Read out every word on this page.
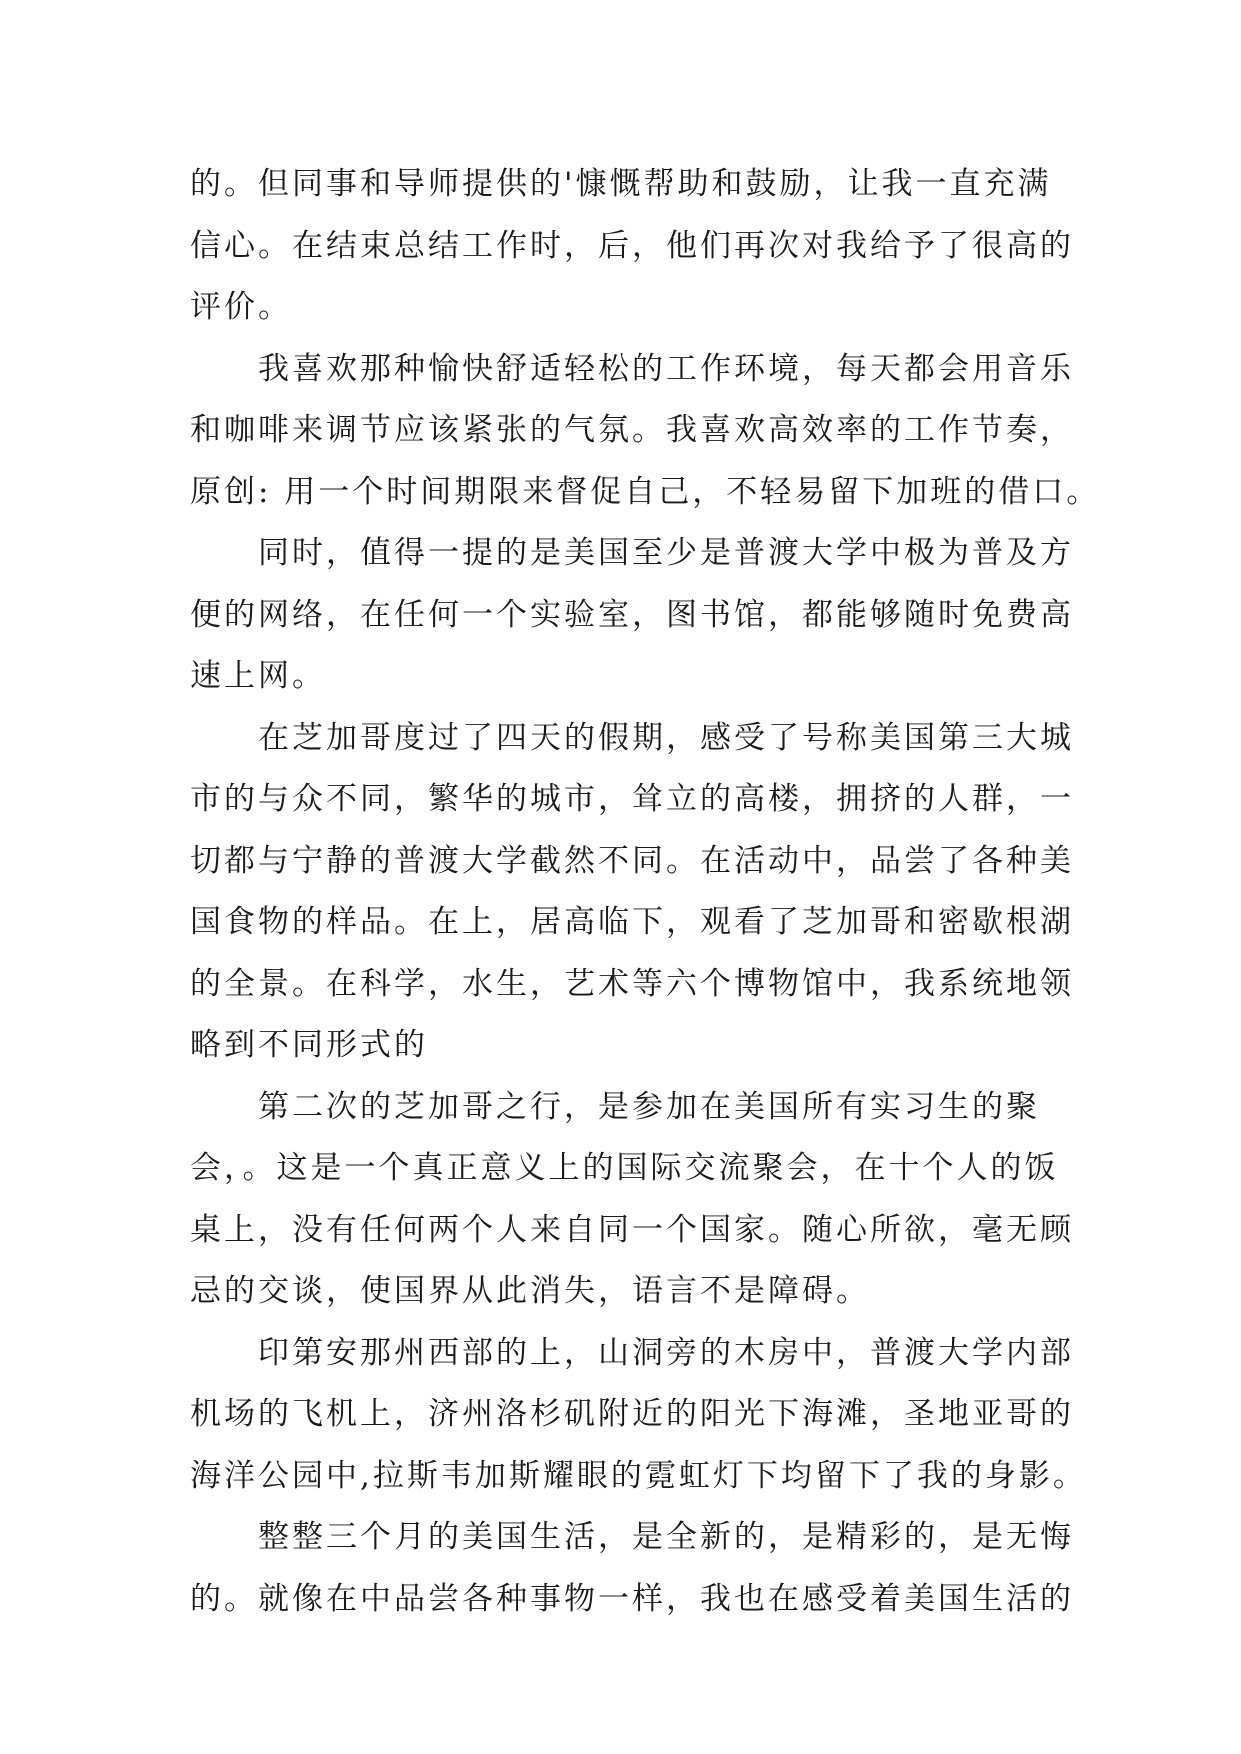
的。但同事和导师提供的'慷慨帮助和鼓励，让我一直充满
信心。在结束总结工作时，后，他们再次对我给予了很高的
评价。
我喜欢那种愉快舒适轻松的工作环境，每天都会用音乐
和咖啡来调节应该紧张的气氛。我喜欢高效率的工作节奏，
原创: 用一个时间期限来督促自己，不轻易留下加班的借口。
同时，值得一提的是美国至少是普渡大学中极为普及方
便的网络，在任何一个实验室，图书馆，都能够随时免费高
速上网。
在芝加哥度过了四天的假期，感受了号称美国第三大城
市的与众不同，繁华的城市，耸立的高楼，拥挤的人群，一
切都与宁静的普渡大学截然不同。在活动中，品尝了各种美
国食物的样品。在上，居高临下，观看了芝加哥和密歇根湖
的全景。在科学，水生，艺术等六个博物馆中，我系统地领
略到不同形式的
第二次的芝加哥之行，是参加在美国所有实习生的聚
会，。这是一个真正意义上的国际交流聚会，在十个人的饭
桌上，没有任何两个人来自同一个国家。随心所欲，毫无顾
忌的交谈，使国界从此消失，语言不是障碍。
印第安那州西部的上，山洞旁的木房中，普渡大学内部
机场的飞机上，济州洛杉矶附近的阳光下海滩，圣地亚哥的
海洋公园中,拉斯韦加斯耀眼的霓虹灯下均留下了我的身影。
整整三个月的美国生活，是全新的，是精彩的，是无悔
的。就像在中品尝各种事物一样，我也在感受着美国生活的
